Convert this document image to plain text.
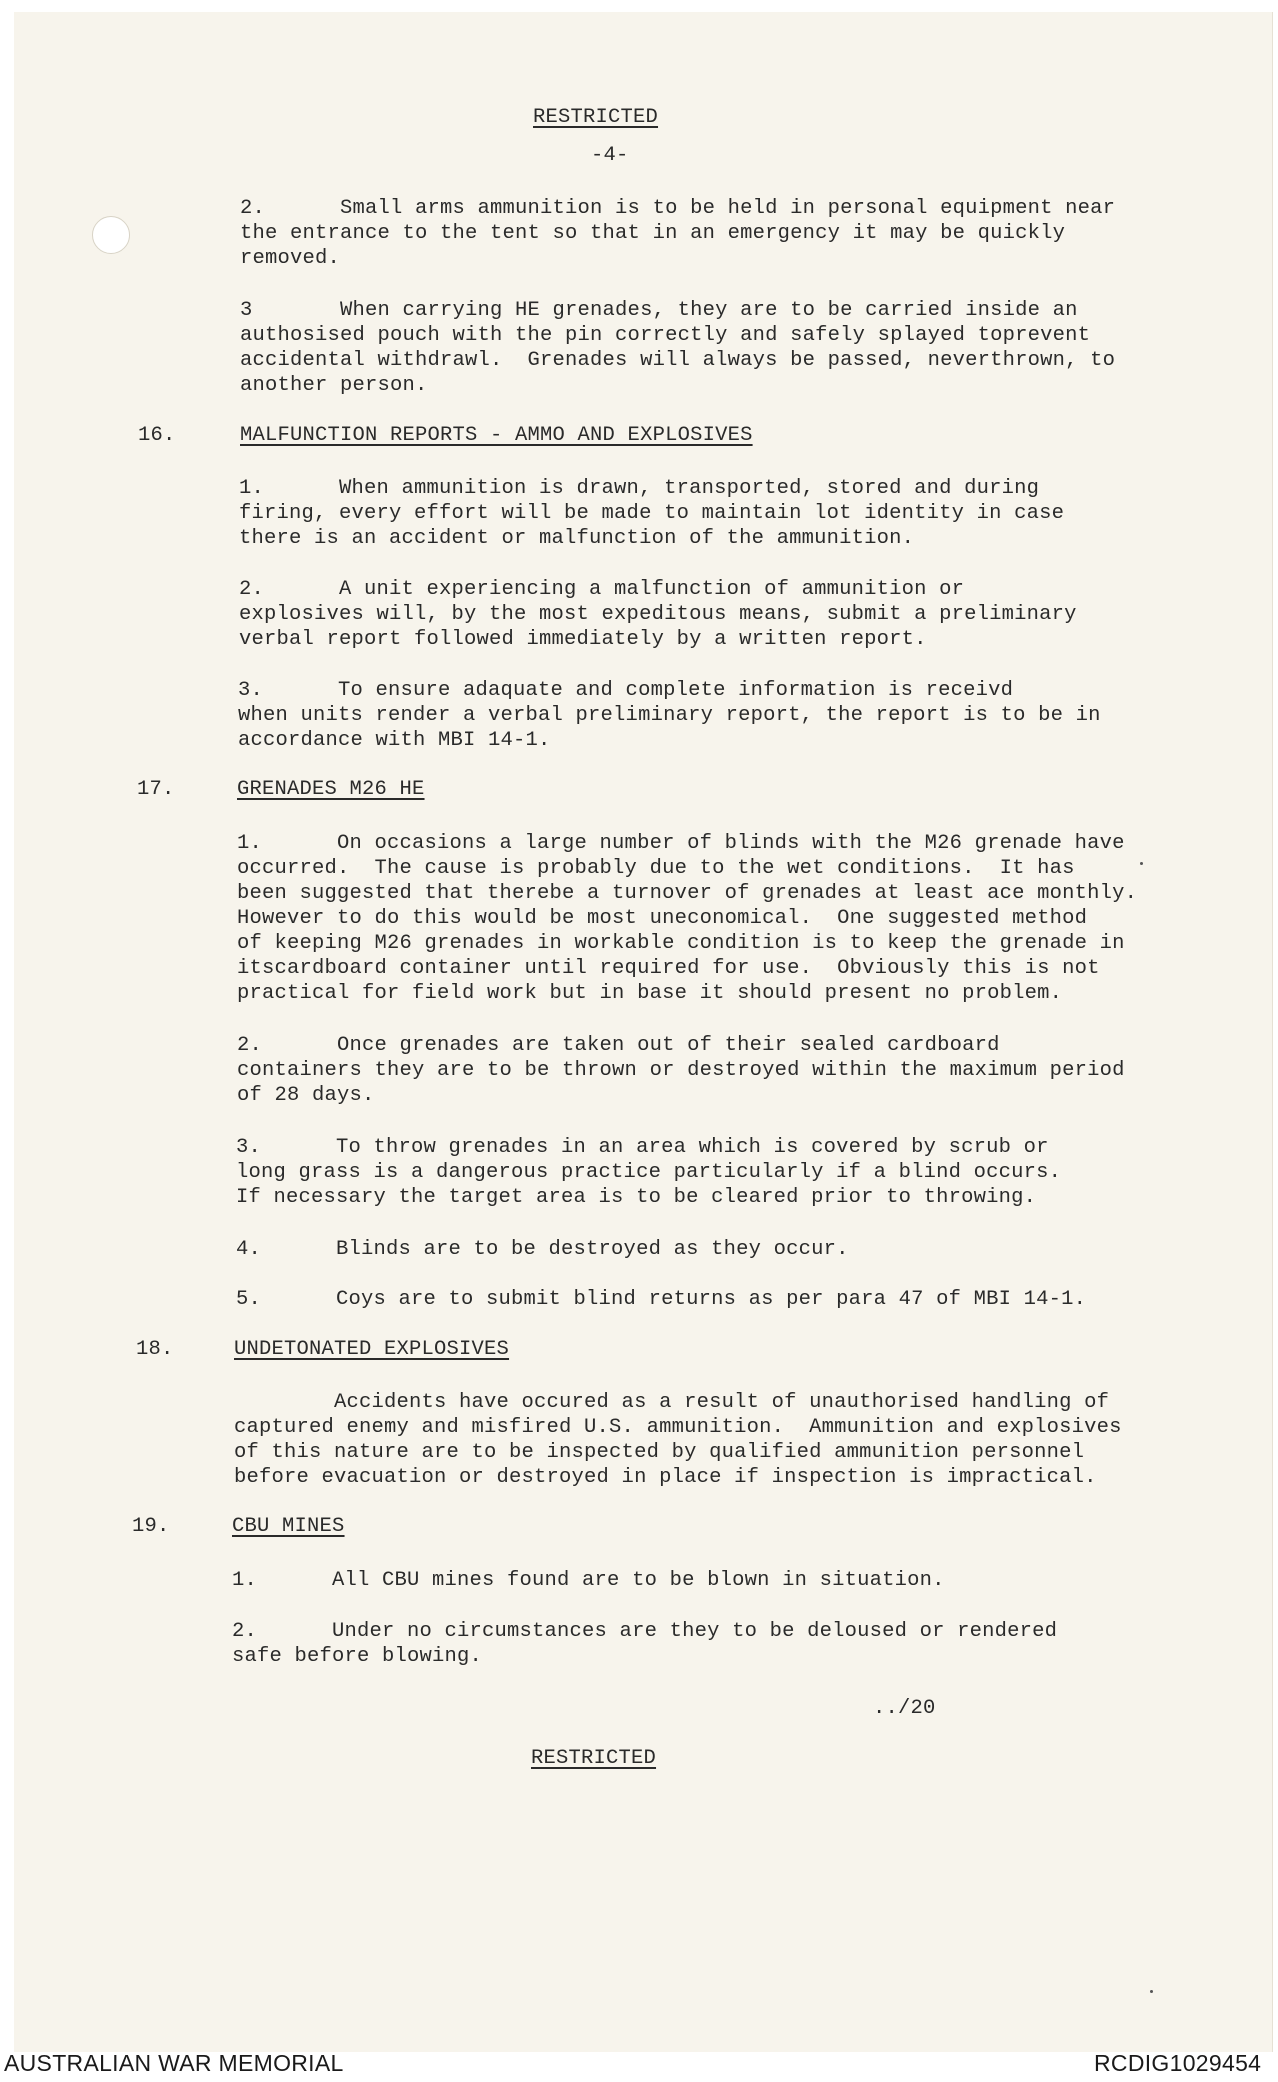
RESTRICTED
-4-
2.      Small arms ammunition is to be held in personal equipment near
the entrance to the tent so that in an emergency it may be quickly
removed.
3       When carrying HE grenades, they are to be carried inside an
authosised pouch with the pin correctly and safely splayed toprevent
accidental withdrawl.  Grenades will always be passed, neverthrown, to
another person.
16.	MALFUNCTION REPORTS - AMMO AND EXPLOSIVES
1.      When ammunition is drawn, transported, stored and during
firing, every effort will be made to maintain lot identity in case
there is an accident or malfunction of the ammunition.
2.      A unit experiencing a malfunction of ammunition or
explosives will, by the most expeditous means, submit a preliminary
verbal report followed immediately by a written report.
3.      To ensure adaquate and complete information is receivd
when units render a verbal preliminary report, the report is to be in
accordance with MBI 14-1.
17.	GRENADES M26 HE
1.      On occasions a large number of blinds with the M26 grenade have
occurred.  The cause is probably due to the wet conditions.  It has
been suggested that therebe a turnover of grenades at least ace monthly.
However to do this would be most uneconomical.  One suggested method
of keeping M26 grenades in workable condition is to keep the grenade in
itscardboard container until required for use.  Obviously this is not
practical for field work but in base it should present no problem.
2.      Once grenades are taken out of their sealed cardboard
containers they are to be thrown or destroyed within the maximum period
of 28 days.
3.      To throw grenades in an area which is covered by scrub or
long grass is a dangerous practice particularly if a blind occurs.
If necessary the target area is to be cleared prior to throwing.
4.      Blinds are to be destroyed as they occur.
5.      Coys are to submit blind returns as per para 47 of MBI 14-1.
18.	UNDETONATED EXPLOSIVES
Accidents have occured as a result of unauthorised handling of
captured enemy and misfired U.S. ammunition.  Ammunition and explosives
of this nature are to be inspected by qualified ammunition personnel
before evacuation or destroyed in place if inspection is impractical.
19.	CBU MINES
1.      All CBU mines found are to be blown in situation.
2.      Under no circumstances are they to be deloused or rendered
safe before blowing.
../20
RESTRICTED
AUSTRALIAN WAR MEMORIAL	RCDIG1029454
